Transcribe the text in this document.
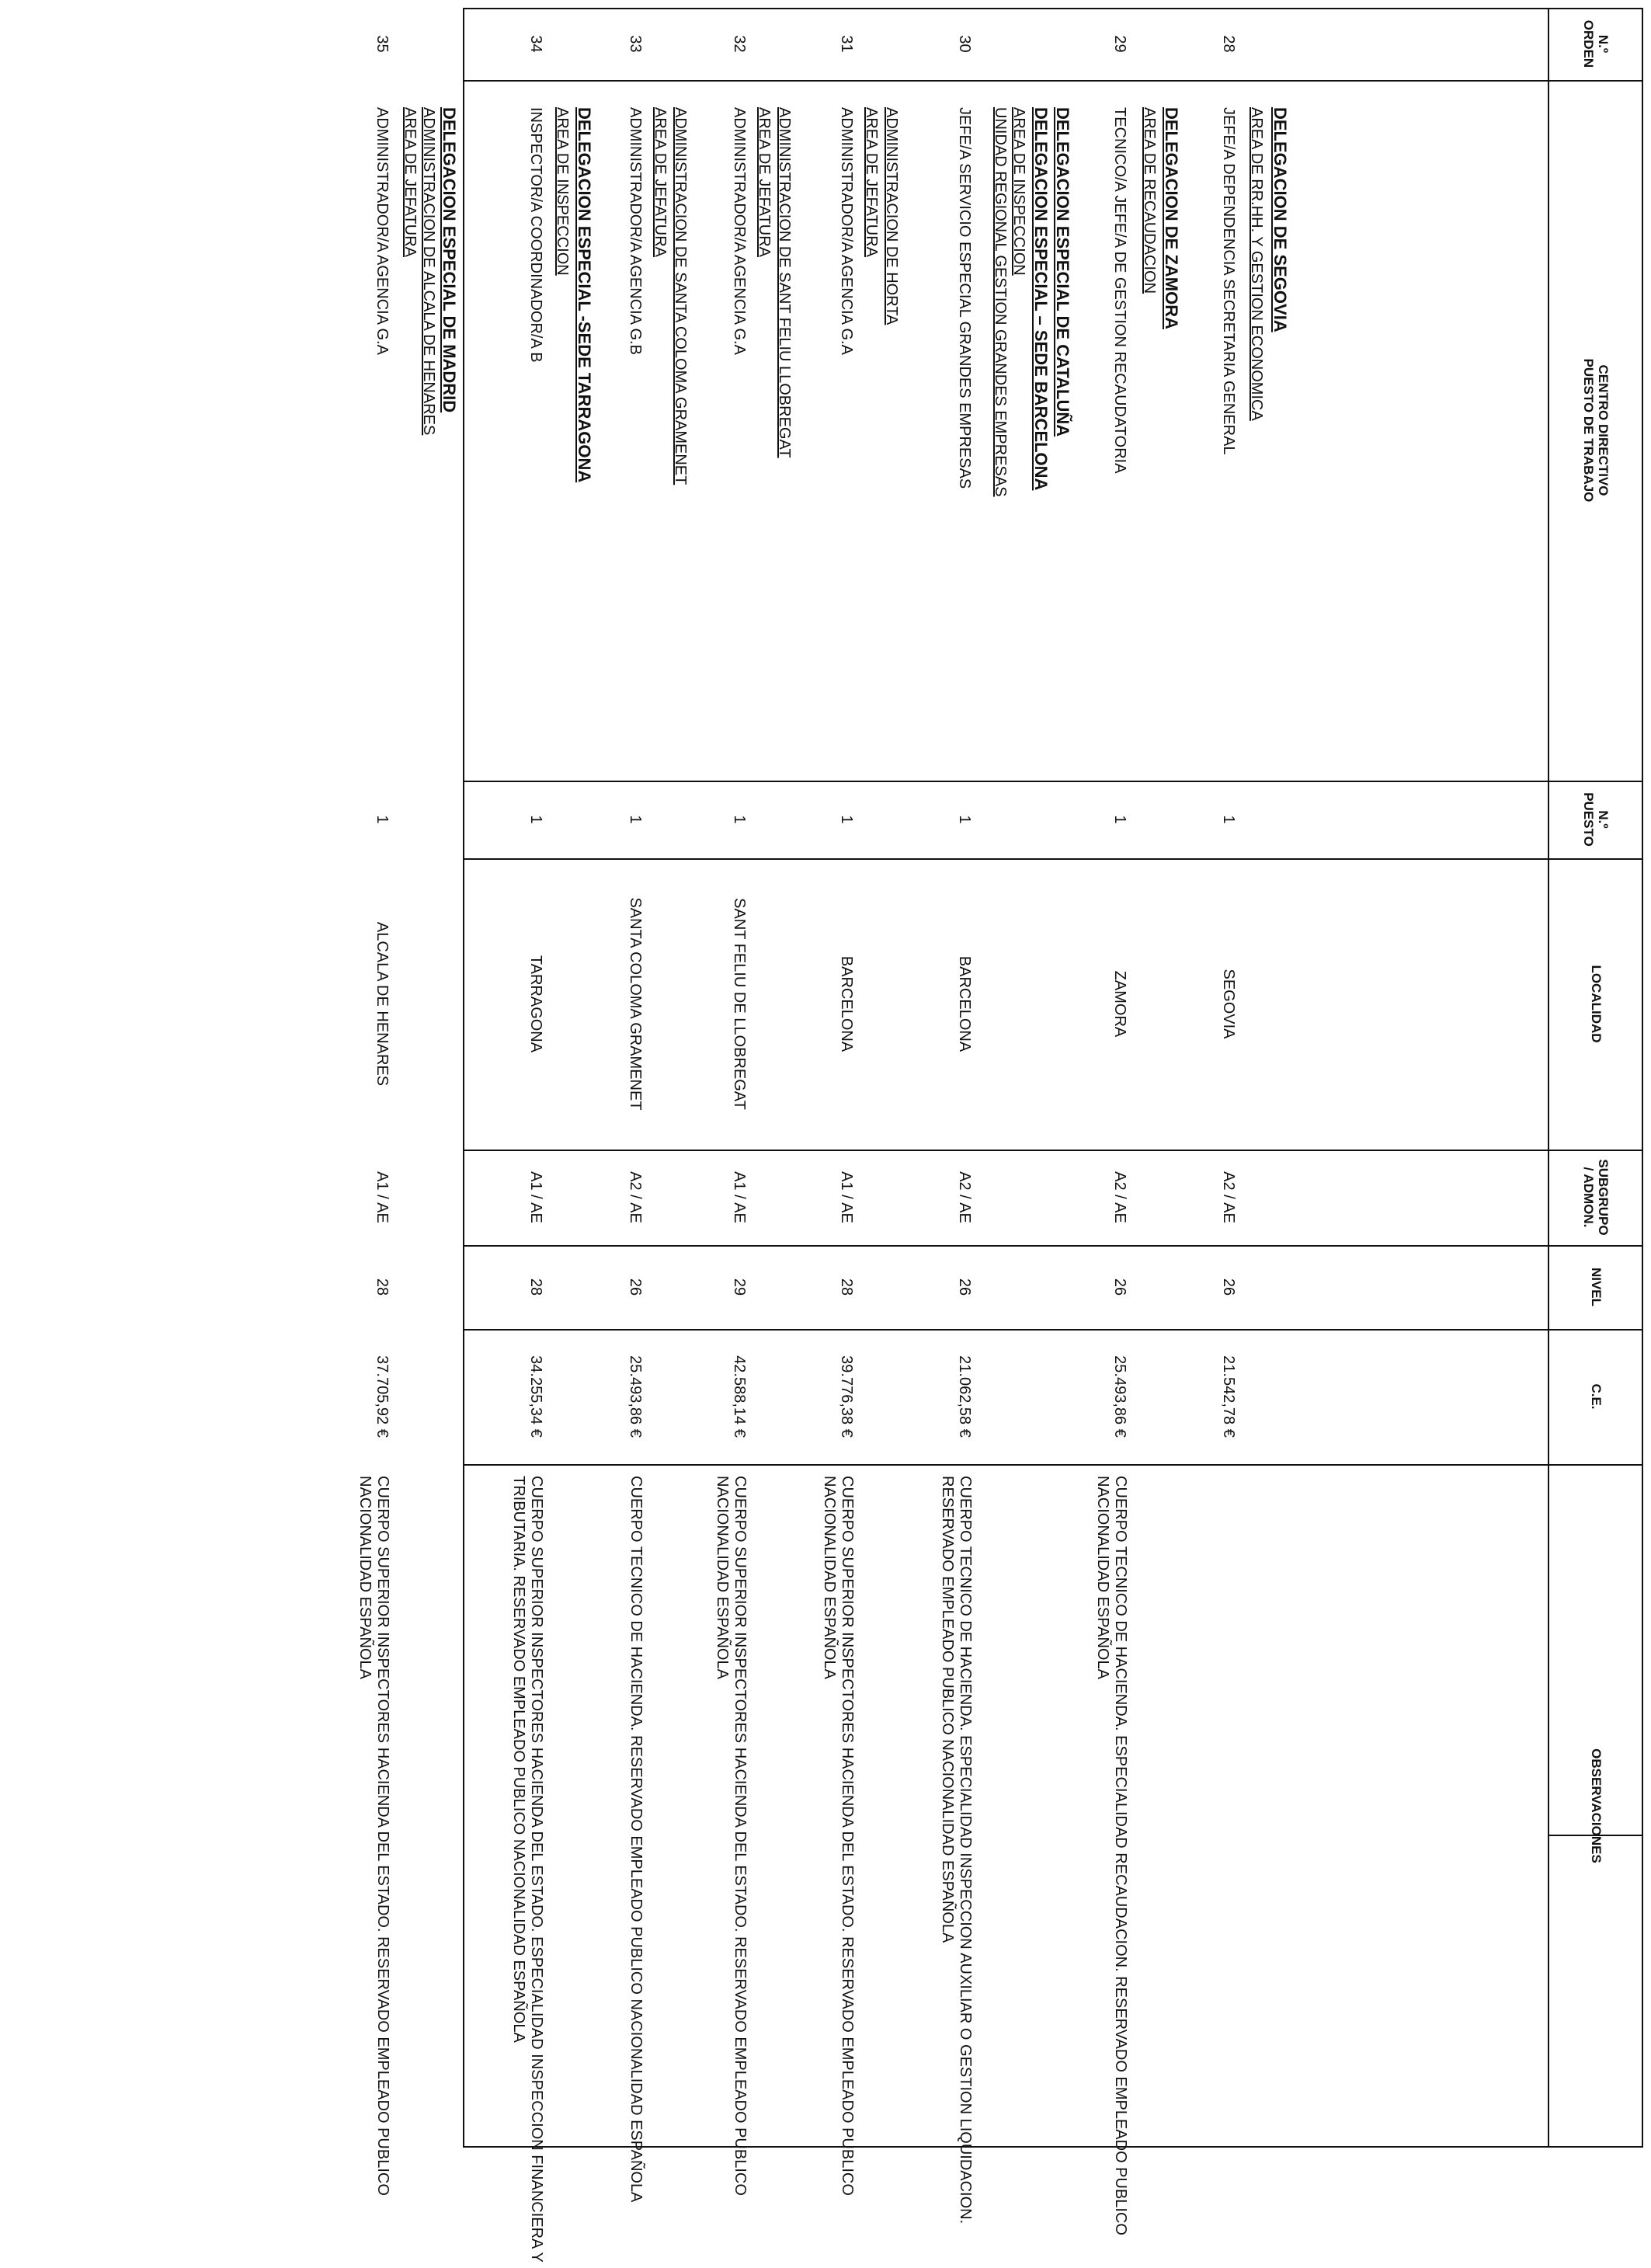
N.º
ORDEN
CENTRO DIRECTIVO
PUESTO DE TRABAJO
N.º
PUESTO
LOCALIDAD
SUBGRUPO
/ ADMON.
NIVEL
C.E.
OBSERVACIONES
DELEGACION DE SEGOVIA
AREA DE RR.HH. Y GESTION ECONOMICA
28
JEFE/A DEPENDENCIA SECRETARIA GENERAL
1
SEGOVIA
A2 / AE
26
21.542,78 €
DELEGACION DE ZAMORA
AREA DE RECAUDACION
29
TECNICO/A JEFE/A DE GESTION RECAUDATORIA
1
ZAMORA
A2 / AE
26
25.493,86 €
CUERPO TECNICO DE HACIENDA. ESPECIALIDAD RECAUDACION. RESERVADO EMPLEADO PUBLICO NACIONALIDAD ESPAÑOLA
DELEGACION ESPECIAL DE CATALUÑA
DELEGACION ESPECIAL – SEDE BARCELONA
AREA DE INSPECCION
UNIDAD REGIONAL GESTION GRANDES EMPRESAS
30
JEFE/A SERVICIO ESPECIAL GRANDES EMPRESAS
1
BARCELONA
A2 / AE
26
21.062,58 €
CUERPO TECNICO DE HACIENDA. ESPECIALIDAD INSPECCION AUXILIAR O GESTION LIQUIDACION. RESERVADO EMPLEADO PUBLICO NACIONALIDAD ESPAÑOLA
ADMINISTRACION DE HORTA
AREA DE JEFATURA
31
ADMINISTRADOR/A AGENCIA G.A
1
BARCELONA
A1 / AE
28
39.776,38 €
CUERPO SUPERIOR INSPECTORES HACIENDA DEL ESTADO. RESERVADO EMPLEADO PUBLICO NACIONALIDAD ESPAÑOLA
ADMINISTRACION DE SANT FELIU LLOBREGAT
AREA DE JEFATURA
32
ADMINISTRADOR/A AGENCIA G.A
1
SANT FELIU DE LLOBREGAT
A1 / AE
29
42.588,14 €
CUERPO SUPERIOR INSPECTORES HACIENDA DEL ESTADO. RESERVADO EMPLEADO PUBLICO NACIONALIDAD ESPAÑOLA
ADMINISTRACION DE SANTA COLOMA GRAMENET
AREA DE JEFATURA
33
ADMINISTRADOR/A AGENCIA G.B
1
SANTA COLOMA GRAMENET
A2 / AE
26
25.493,86 €
CUERPO TECNICO DE HACIENDA. RESERVADO EMPLEADO PUBLICO NACIONALIDAD ESPAÑOLA
DELEGACION ESPECIAL -SEDE TARRAGONA
AREA DE INSPECCION
34
INSPECTOR/A COORDINADOR/A B
1
TARRAGONA
A1 / AE
28
34.255,34 €
CUERPO SUPERIOR INSPECTORES HACIENDA DEL ESTADO. ESPECIALIDAD INSPECCION FINANCIERA Y TRIBUTARIA. RESERVADO EMPLEADO PUBLICO NACIONALIDAD ESPAÑOLA
DELEGACION ESPECIAL DE MADRID
ADMINISTRACION DE ALCALA DE HENARES
AREA DE JEFATURA
35
ADMINISTRADOR/A AGENCIA G.A
1
ALCALA DE HENARES
A1 / AE
28
37.705,92 €
CUERPO SUPERIOR INSPECTORES HACIENDA DEL ESTADO. RESERVADO EMPLEADO PUBLICO NACIONALIDAD ESPAÑOLA
